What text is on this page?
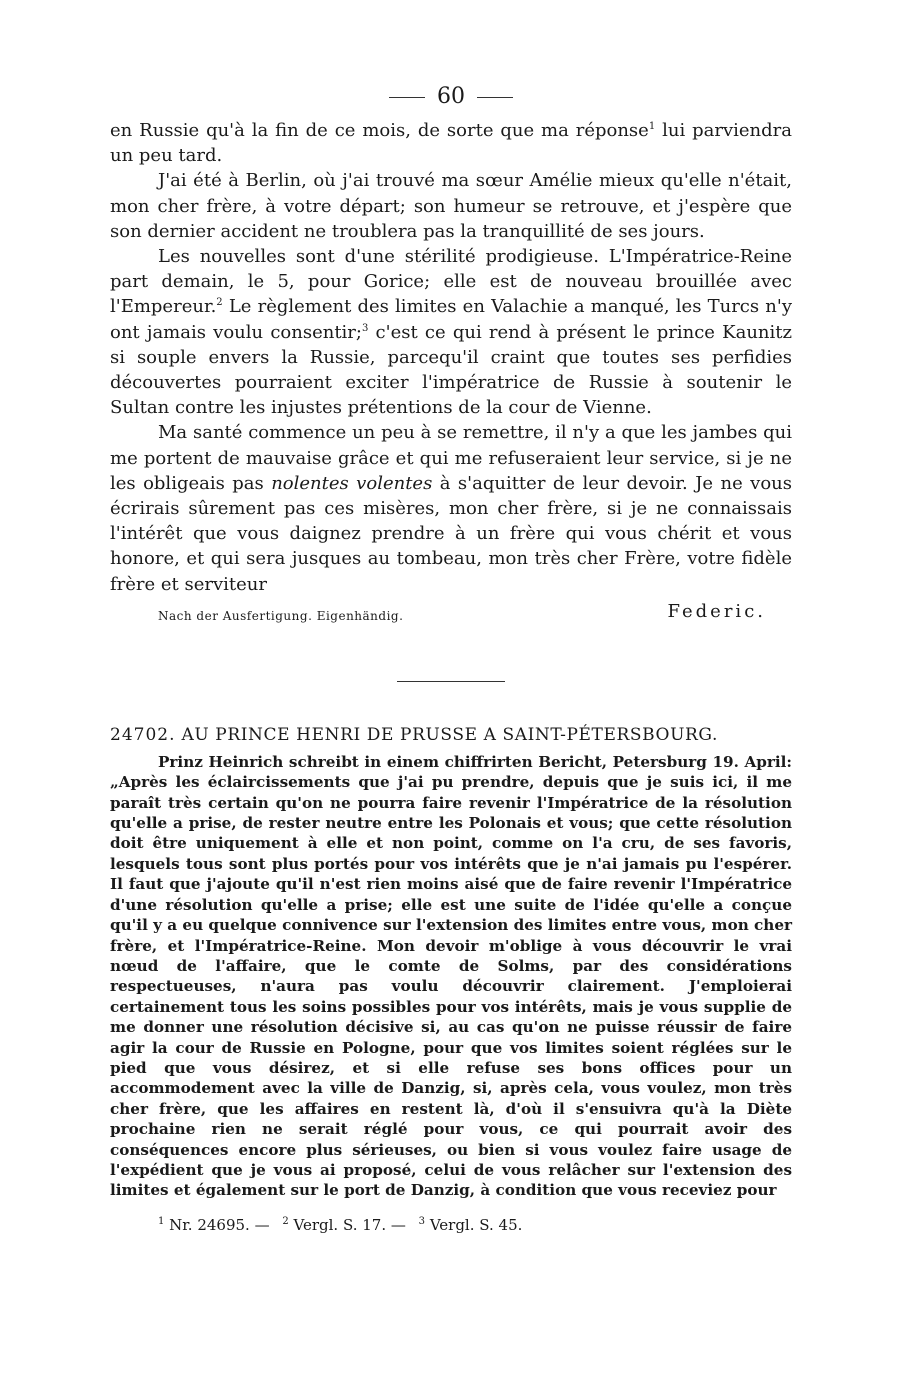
60

en Russie qu'à la fin de ce mois, de sorte que ma réponse$^1$ lui parviendra un peu tard.

J'ai été à Berlin, où j'ai trouvé ma sœur Amélie mieux qu'elle n'était, mon cher frère, à votre départ; son humeur se retrouve, et j'espère que son dernier accident ne troublera pas la tranquillité de ses jours.

Les nouvelles sont d'une stérilité prodigieuse. L'Impératrice-Reine part demain, le 5, pour Gorice; elle est de nouveau brouillée avec l'Empereur.$^2$ Le règlement des limites en Valachie a manqué, les Turcs n'y ont jamais voulu consentir;$^3$ c'est ce qui rend à présent le prince Kaunitz si souple envers la Russie, parcequ'il craint que toutes ses perfidies découvertes pourraient exciter l'impératrice de Russie à soutenir le Sultan contre les injustes prétentions de la cour de Vienne.

Ma santé commence un peu à se remettre, il n'y a que les jambes qui me portent de mauvaise grâce et qui me refuseraient leur service, si je ne les obligeais pas nolentes volentes à s'aquitter de leur devoir. Je ne vous écrirais sûrement pas ces misères, mon cher frère, si je ne connaissais l'intérêt que vous daignez prendre à un frère qui vous chérit et vous honore, et qui sera jusques au tombeau, mon très cher Frère, votre fidèle frère et serviteur

Nach der Ausfertigung. Eigenhändig.	Federic.
24702. AU PRINCE HENRI DE PRUSSE A SAINT-PÉTERSBOURG.

Prinz Heinrich schreibt in einem chiffrirten Bericht, Petersburg 19. April: „Après les éclaircissements que j'ai pu prendre, depuis que je suis ici, il me paraît très certain qu'on ne pourra faire revenir l'Impératrice de la résolution qu'elle a prise, de rester neutre entre les Polonais et vous; que cette résolution doit être uniquement à elle et non point, comme on l'a cru, de ses favoris, lesquels tous sont plus portés pour vos intérêts que je n'ai jamais pu l'espérer. Il faut que j'ajoute qu'il n'est rien moins aisé que de faire revenir l'Impératrice d'une résolution qu'elle a prise; elle est une suite de l'idée qu'elle a conçue qu'il y a eu quelque connivence sur l'extension des limites entre vous, mon cher frère, et l'Impératrice-Reine. Mon devoir m'oblige à vous découvrir le vrai nœud de l'affaire, que le comte de Solms, par des considérations respectueuses, n'aura pas voulu découvrir clairement. J'emploierai certainement tous les soins possibles pour vos intérêts, mais je vous supplie de me donner une résolution décisive si, au cas qu'on ne puisse réussir de faire agir la cour de Russie en Pologne, pour que vos limites soient réglées sur le pied que vous désirez, et si elle refuse ses bons offices pour un accommodement avec la ville de Danzig, si, après cela, vous voulez, mon très cher frère, que les affaires en restent là, d'où il s'ensuivra qu'à la Diète prochaine rien ne serait réglé pour vous, ce qui pourrait avoir des conséquences encore plus sérieuses, ou bien si vous voulez faire usage de l'expédient que je vous ai proposé, celui de vous relâcher sur l'extension des limites et également sur le port de Danzig, à condition que vous receviez pour

$^1$ Nr. 24695. — $^2$ Vergl. S. 17. — $^3$ Vergl. S. 45.
